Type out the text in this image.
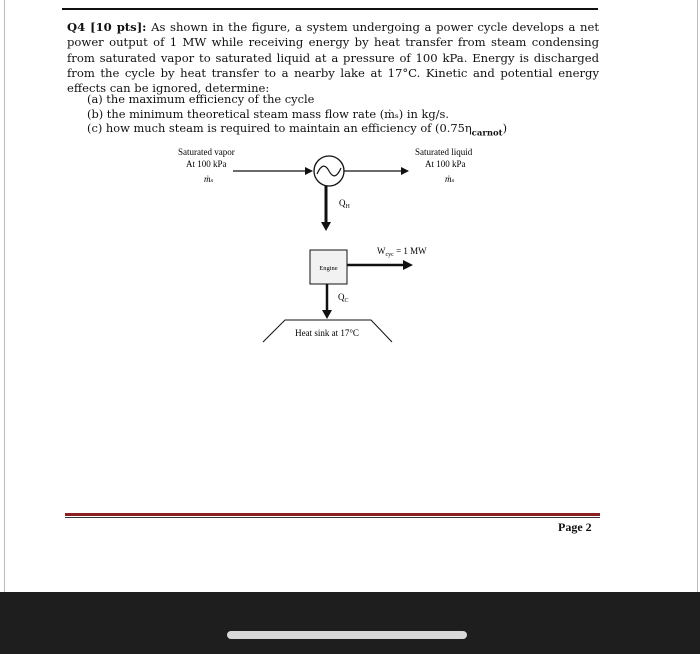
Q4 [10 pts]: As shown in the figure, a system undergoing a power cycle develops a net power output of 1 MW while receiving energy by heat transfer from steam condensing from saturated vapor to saturated liquid at a pressure of 100 kPa. Energy is discharged from the cycle by heat transfer to a nearby lake at 17°C. Kinetic and potential energy effects can be ignored, determine:
(a) the maximum efficiency of the cycle
(b) the minimum theoretical steam mass flow rate (ṁₛ) in kg/s.
(c) how much steam is required to maintain an efficiency of $(0.75\eta_{carnot})$
Saturated vapor
At 100 kPa
ṁₛ
Saturated liquid
At 100 kPa
ṁₛ
$Q_H$
Engine
$W_{cyc} = 1$ MW
$Q_C$
Heat sink at 17°C
Page 2
